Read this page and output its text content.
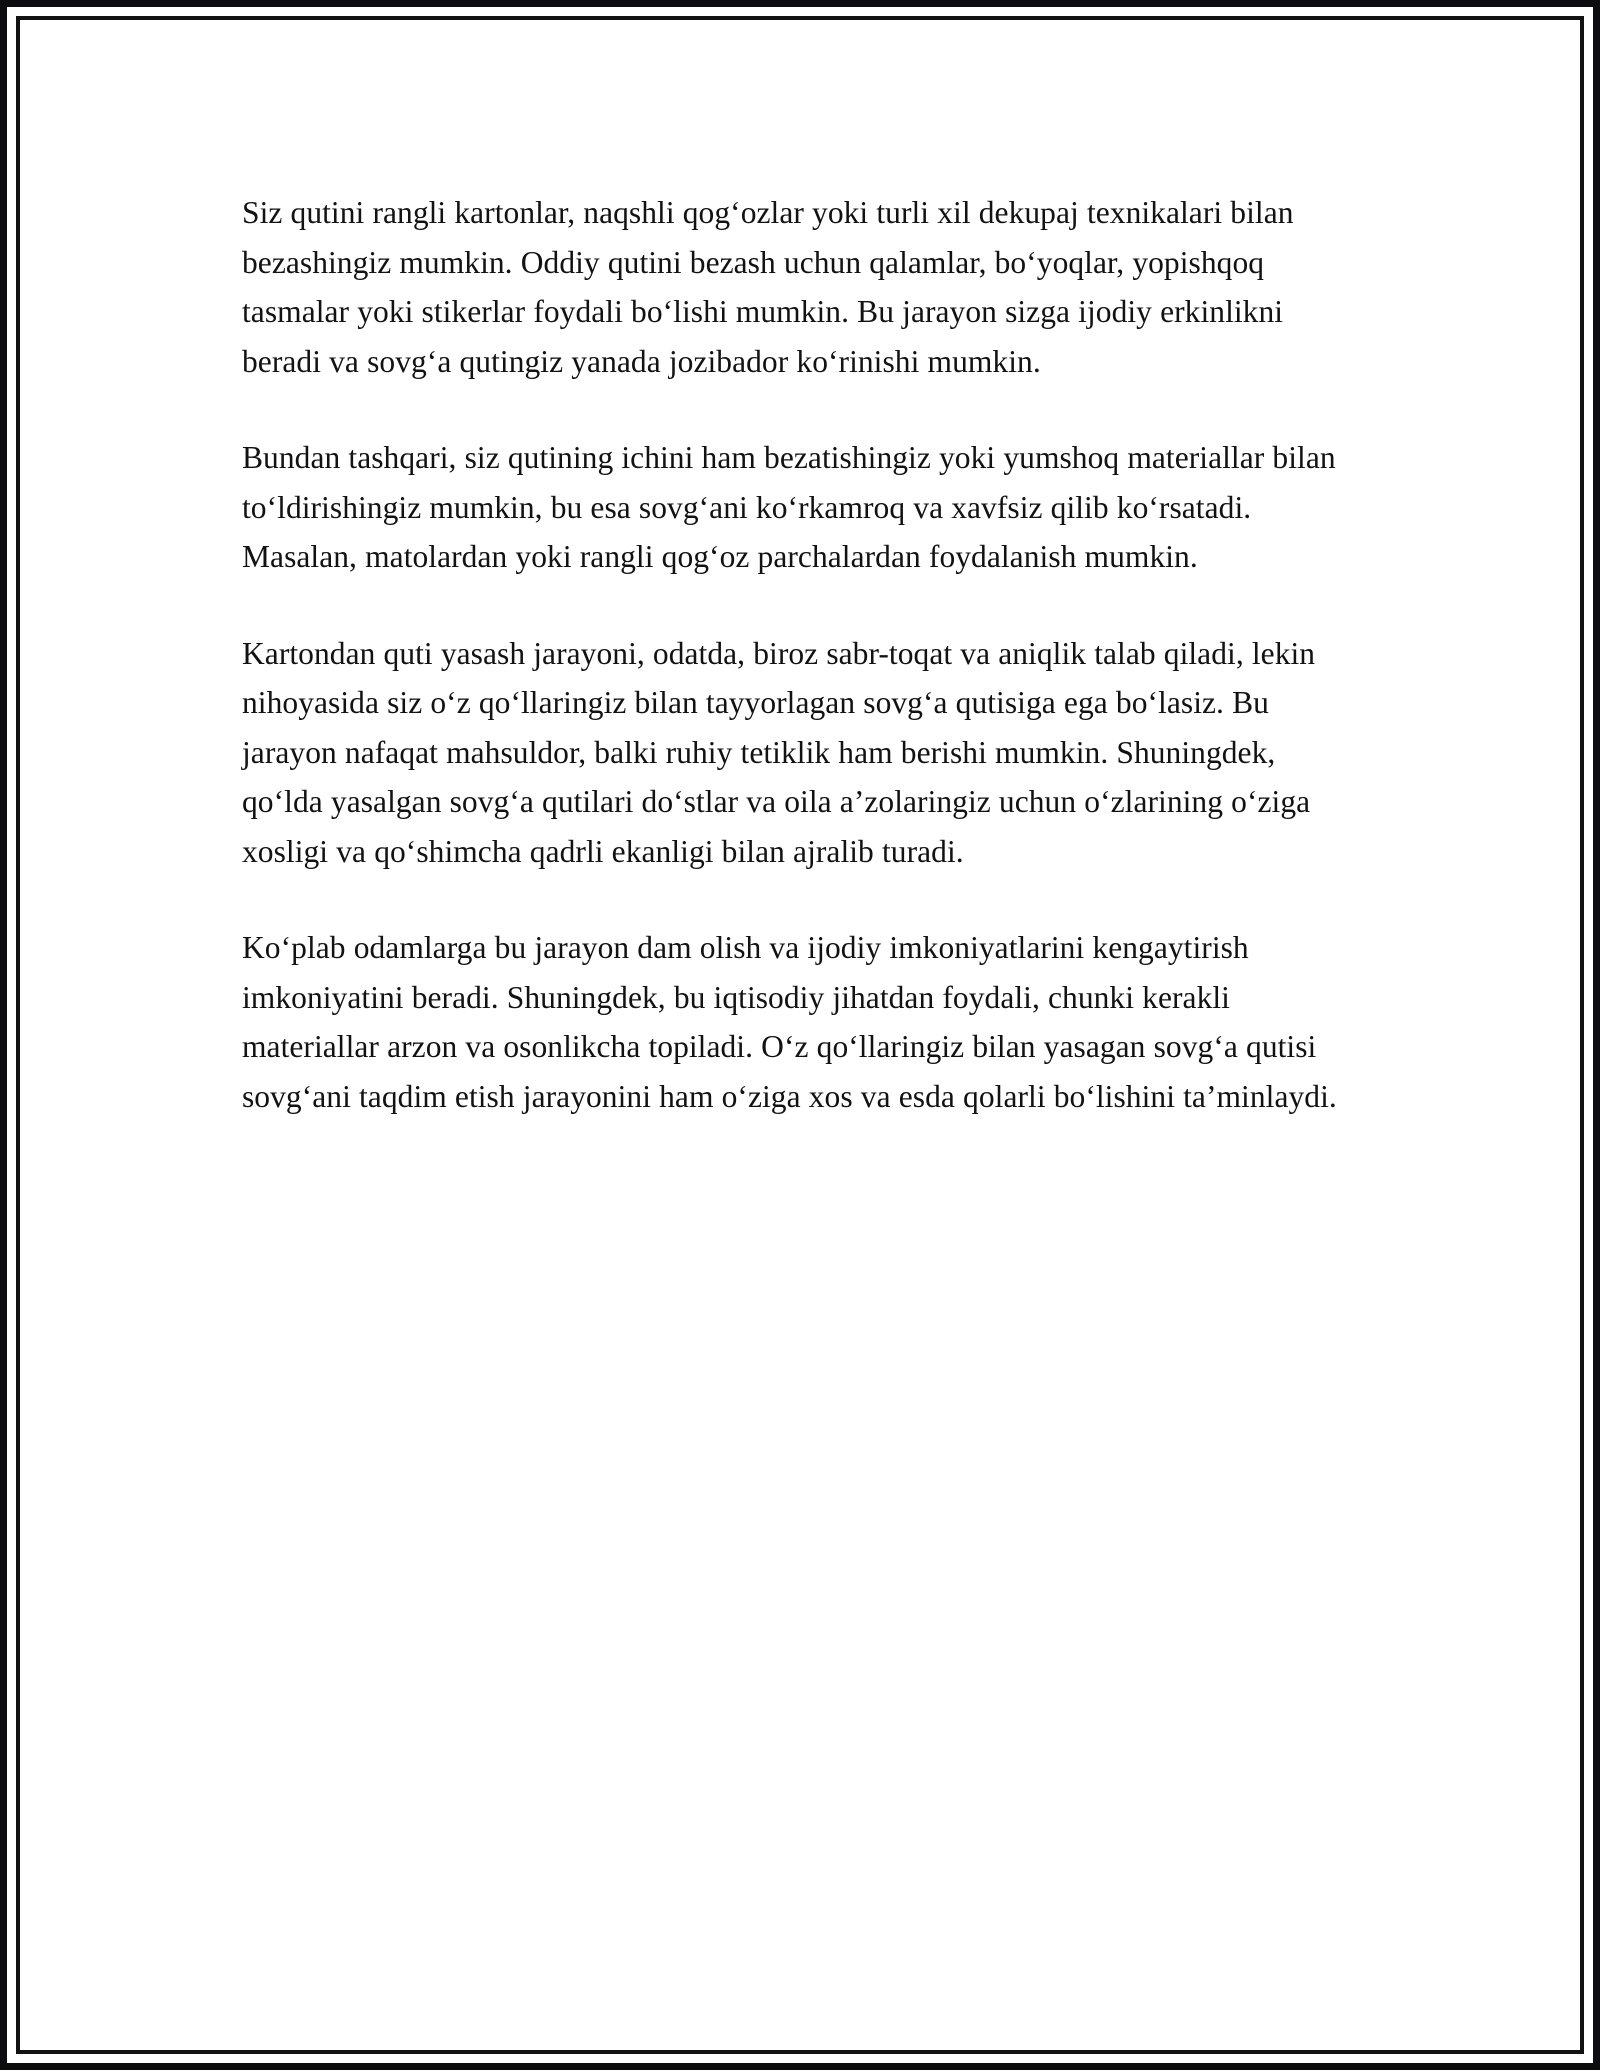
Siz qutini rangli kartonlar, naqshli qog‘ozlar yoki turli xil dekupaj texnikalari bilan bezashingiz mumkin. Oddiy qutini bezash uchun qalamlar, bo‘yoqlar, yopishqoq tasmalar yoki stikerlar foydali bo‘lishi mumkin. Bu jarayon sizga ijodiy erkinlikni beradi va sovg‘a qutingiz yanada jozibador ko‘rinishi mumkin.

Bundan tashqari, siz qutining ichini ham bezatishingiz yoki yumshoq materiallar bilan to‘ldirishingiz mumkin, bu esa sovg‘ani ko‘rkamroq va xavfsiz qilib ko‘rsatadi. Masalan, matolardan yoki rangli qog‘oz parchalardan foydalanish mumkin.

Kartondan quti yasash jarayoni, odatda, biroz sabr-toqat va aniqlik talab qiladi, lekin nihoyasida siz o‘z qo‘llaringiz bilan tayyorlagan sovg‘a qutisiga ega bo‘lasiz. Bu jarayon nafaqat mahsuldor, balki ruhiy tetiklik ham berishi mumkin. Shuningdek, qo‘lda yasalgan sovg‘a qutilari do‘stlar va oila a’zolaringiz uchun o‘zlarining o‘ziga xosligi va qo‘shimcha qadrli ekanligi bilan ajralib turadi.

Ko‘plab odamlarga bu jarayon dam olish va ijodiy imkoniyatlarini kengaytirish imkoniyatini beradi. Shuningdek, bu iqtisodiy jihatdan foydali, chunki kerakli materiallar arzon va osonlikcha topiladi. O‘z qo‘llaringiz bilan yasagan sovg‘a qutisi sovg‘ani taqdim etish jarayonini ham o‘ziga xos va esda qolarli bo‘lishini ta’minlaydi.
